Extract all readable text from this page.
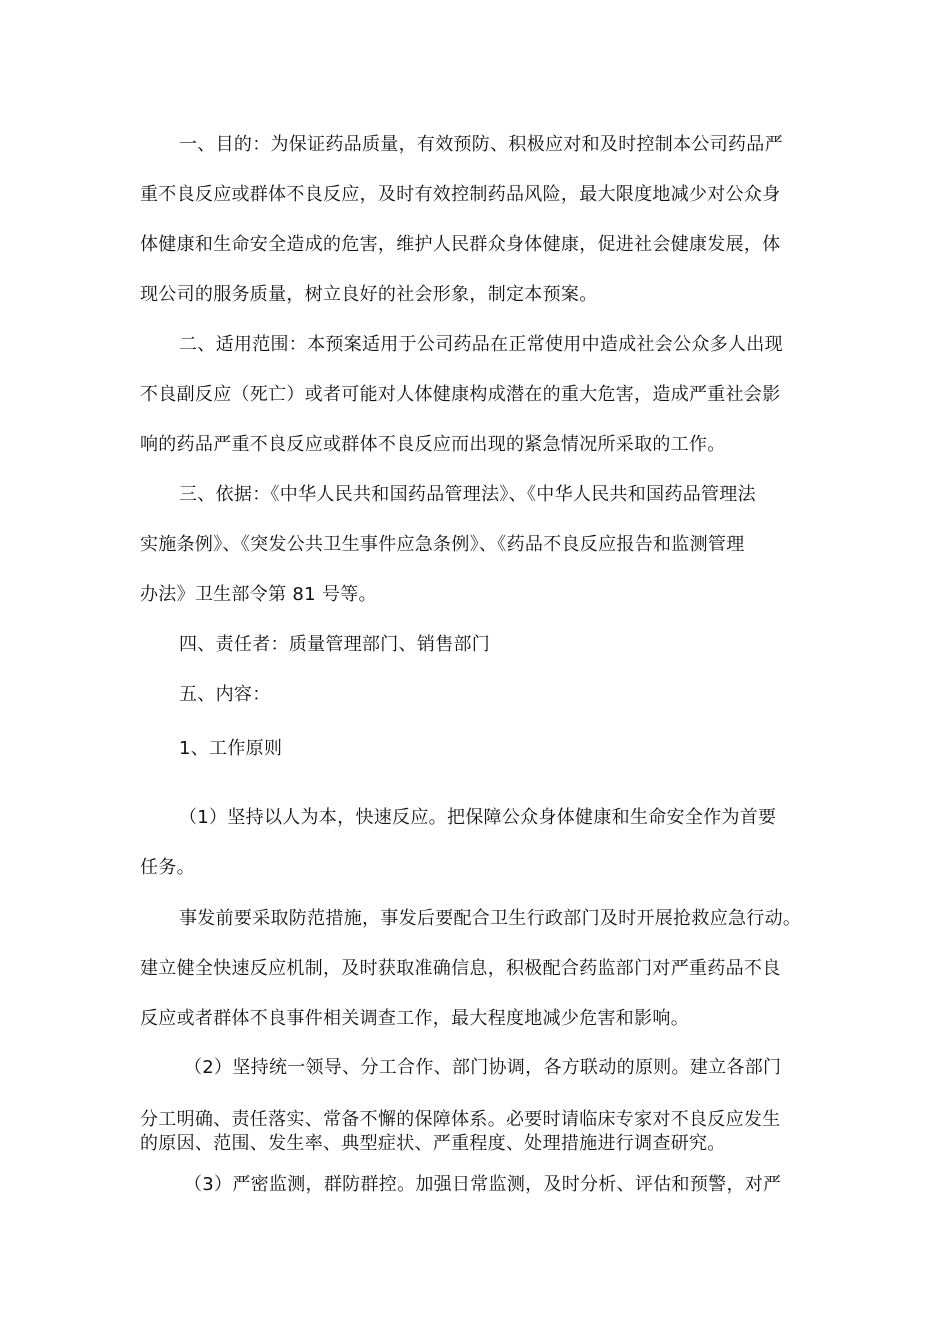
一、目的：为保证药品质量，有效预防、积极应对和及时控制本公司药品严
重不良反应或群体不良反应，及时有效控制药品风险，最大限度地减少对公众身
体健康和生命安全造成的危害，维护人民群众身体健康，促进社会健康发展，体
现公司的服务质量，树立良好的社会形象，制定本预案。
二、适用范围：本预案适用于公司药品在正常使用中造成社会公众多人出现
不良副反应（死亡）或者可能对人体健康构成潜在的重大危害，造成严重社会影
响的药品严重不良反应或群体不良反应而出现的紧急情况所采取的工作。
三、依据：《中华人民共和国药品管理法》、《中华人民共和国药品管理法
实施条例》、《突发公共卫生事件应急条例》、《药品不良反应报告和监测管理
办法》卫生部令第 81 号等。
四、责任者：质量管理部门、销售部门
五、内容：
1、工作原则
（1）坚持以人为本，快速反应。把保障公众身体健康和生命安全作为首要
任务。
事发前要采取防范措施，事发后要配合卫生行政部门及时开展抢救应急行动。
建立健全快速反应机制，及时获取准确信息，积极配合药监部门对严重药品不良
反应或者群体不良事件相关调查工作，最大程度地减少危害和影响。
（2）坚持统一领导、分工合作、部门协调，各方联动的原则。建立各部门
分工明确、责任落实、常备不懈的保障体系。必要时请临床专家对不良反应发生
的原因、范围、发生率、典型症状、严重程度、处理措施进行调查研究。
（3）严密监测，群防群控。加强日常监测，及时分析、评估和预警，对严
